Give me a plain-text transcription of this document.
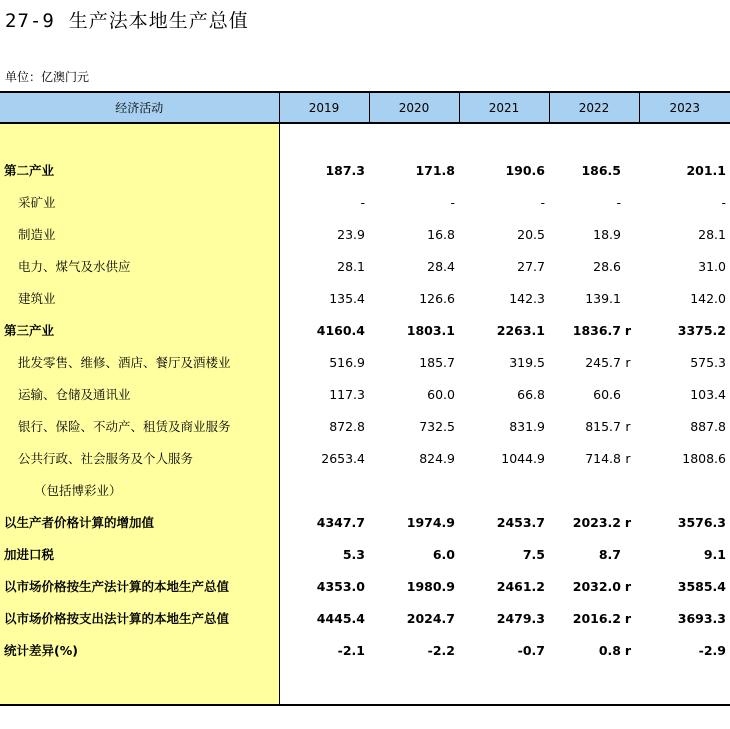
27-9 生产法本地生产总值
单位：亿澳门元
经济活动	2019	2020	2021	2022	2023

第二产业	187.3	171.8	190.6	186.5	201.1
采矿业	-	-	-	-	-
制造业	23.9	16.8	20.5	18.9	28.1
电力、煤气及水供应	28.1	28.4	27.7	28.6	31.0
建筑业	135.4	126.6	142.3	139.1	142.0
第三产业	4160.4	1803.1	2263.1	1836.7 r	3375.2
批发零售、维修、酒店、餐厅及酒楼业	516.9	185.7	319.5	245.7 r	575.3
运输、仓储及通讯业	117.3	60.0	66.8	60.6	103.4
银行、保险、不动产、租赁及商业服务	872.8	732.5	831.9	815.7 r	887.8
公共行政、社会服务及个人服务	2653.4	824.9	1044.9	714.8 r	1808.6
（包括博彩业）					
以生产者价格计算的增加值	4347.7	1974.9	2453.7	2023.2 r	3576.3
加进口税	5.3	6.0	7.5	8.7	9.1
以市场价格按生产法计算的本地生产总值	4353.0	1980.9	2461.2	2032.0 r	3585.4
以市场价格按支出法计算的本地生产总值	4445.4	2024.7	2479.3	2016.2 r	3693.3
统计差异(%)	-2.1	-2.2	-0.7	0.8 r	-2.9
